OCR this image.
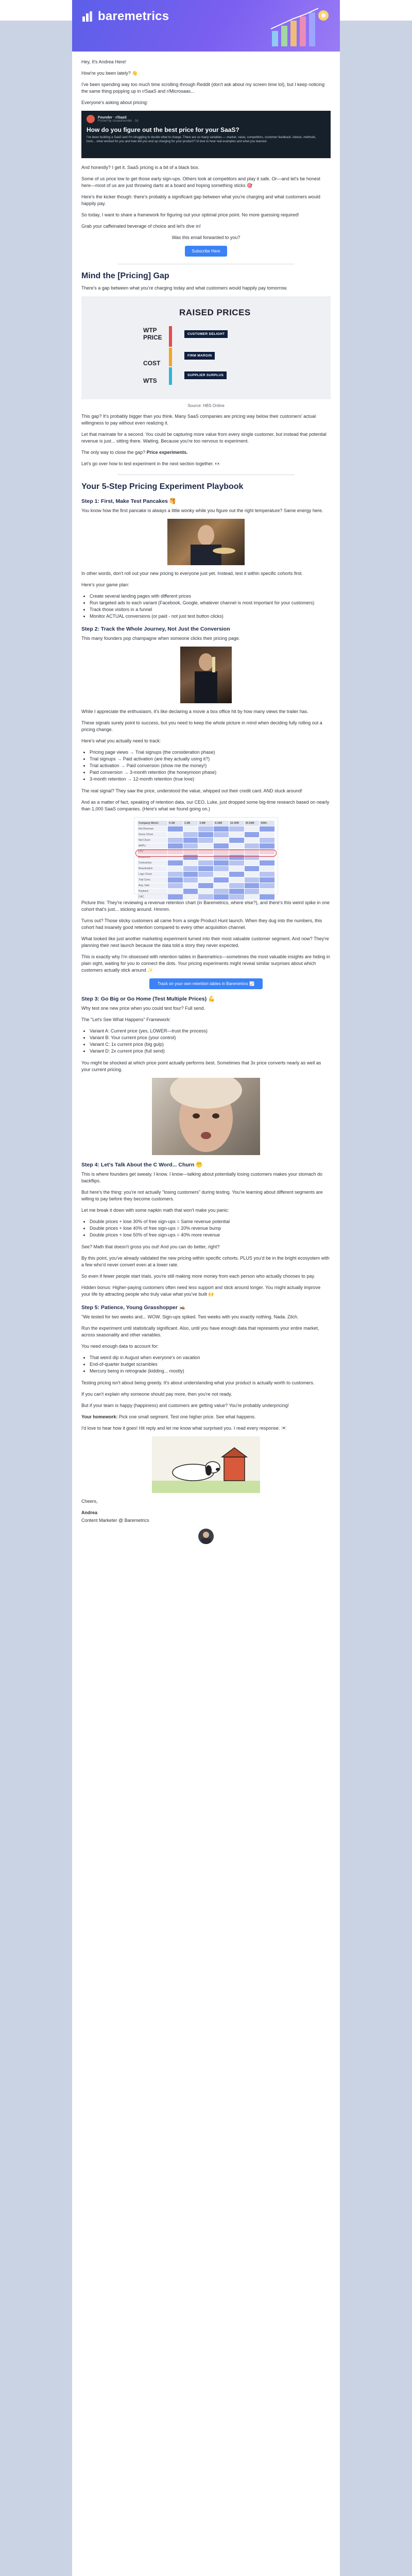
baremetrics

Hey, It's Andrea Here!

How're you been lately? 👋

I've been spending way too much time scrolling through Reddit (don't ask about my screen time lol), but I keep noticing the same thing popping up in r/SaaS and r/Microsaas...

Everyone's asking about pricing:

Founder · r/SaaS
Posted by u/saasfounder · 1d
How do you figure out the best price for your SaaS?
I've been building a SaaS and I'm struggling to decide what to charge. There are so many variables — market, value, competitors, customer feedback. Advice, methods, tools... what worked for you and how did you end up charging for your product? I'd love to hear real examples and what you learned.

And honestly? I get it. SaaS pricing is a bit of a black box.

Some of us price low to get those early sign-ups. Others look at competitors and play it safe. Or—and let's be honest here—most of us are just throwing darts at a board and hoping something sticks 🎯

Here's the kicker though: there's probably a significant gap between what you're charging and what customers would happily pay.

So today, I want to share a framework for figuring out your optimal price point. No more guessing required!

Grab your caffeinated beverage of choice and let's dive in!

Was this email forwarded to you?

Subscribe Here
Mind the [Pricing] Gap

There's a gap between what you're charging today and what customers would happily pay tomorrow.

RAISED PRICES
WTP
PRICE
COST
WTS
CUSTOMER DELIGHT
FIRM MARGIN
SUPPLIER SURPLUS
Source: HBS Online

This gap? It's probably bigger than you think. Many SaaS companies are pricing way below their customers' actual willingness to pay without even realizing it.

Let that marinate for a second. You could be capturing more value from every single customer, but instead that potential revenue is just... sitting there. Waiting. Because you're too nervous to experiment.

The only way to close the gap? Price experiments.

Let's go over how to test experiment in the next section together. 👀

Your 5-Step Pricing Experiment Playbook
Step 1: First, Make Test Pancakes 🥞

You know how the first pancake is always a little wonky while you figure out the right temperature? Same energy here.

In other words, don't roll out your new pricing to everyone just yet. Instead, test it within specific cohorts first.

Here's your game plan:

• Create several landing pages with different prices
• Run targeted ads to each variant (Facebook, Google, whatever channel is most important for your customers)
• Track those visitors in a funnel
• Monitor ACTUAL conversions (or paid - not just test button clicks)
Step 2: Track the Whole Journey, Not Just the Conversion

This many founders pop champagne when someone clicks their pricing page.

While I appreciate the enthusiasm, it's like declaring a movie a box office hit by how many views the trailer has.

These signals surely point to success, but you need to keep the whole picture in mind when deciding fully rolling out a pricing change.

Here's what you actually need to track:

• Pricing page views → Trial signups (the consideration phase)
• Trial signups → Paid activation (are they actually using it?)
• Trial activation → Paid conversion (show me the money!)
• Paid conversion → 3-month retention (the honeymoon phase)
• 3-month retention → 12-month retention (true love)

The real signal? They saw the price, understood the value, whipped out their credit card. AND stuck around!

And as a matter of fact, speaking of retention data, our CEO, Luke, just dropped some big-time research based on nearly than 1,000 SaaS companies. (Here's what we found going on.)

Company Metric	0-1M	1-3M	3-8M	8-15M	15-30M	30-50M	50M+
Net Revenue
Gross Churn
Net Churn
ARPU
LTV
Expansion
Contraction
Reactivation
Logo Churn
Trial Conv.
Avg. Sale
Payback
CAC

Picture this: They're reviewing a revenue retention chart (in Baremetrics, where else?), and there's this weird spike in one cohort that's just... sticking around. Hmmm.

Turns out? Those sticky customers all came from a single Product Hunt launch. When they dug into the numbers, this cohort had insanely good retention compared to every other acquisition channel.

What looked like just another marketing experiment turned into their most valuable customer segment. And now? They're planning their next launch because the data told a story they never expected.

This is exactly why I'm obsessed with retention tables in Baremetrics—sometimes the most valuable insights are hiding in plain sight, waiting for you to connect the dots. Your pricing experiments might reveal similar surprises about which customers actually stick around ✨

Track on your own retention tables in Baremetrics 📈
Step 3: Go Big or Go Home (Test Multiple Prices) 💪

Why test one new price when you could test four? Full send.

The "Let's See What Happens" Framework:

• Variant A: Current price (yes, LOWER—trust the process)
• Variant B: Your current price (your control)
• Variant C: 1x current price (big gulp)
• Variant D: 2x current price (full send)

You might be shocked at which price point actually performs best. Sometimes that 3x price converts nearly as well as your current pricing.

Step 4: Let's Talk About the C Word... Churn 😬

This is where founders get sweaty. I know. I know—talking about potentially losing customers makes your stomach do backflips.

But here's the thing: you're not actually "losing customers" during testing. You're learning about different segments are willing to pay before they become customers.

Let me break it down with some napkin math that won't make you panic:

• Double prices + lose 30% of free sign-ups = Same revenue potential
• Double prices + lose 40% of free sign-ups = 20% revenue bump
• Double prices + lose 50% of free sign-ups = 40% more revenue

See? Math that doesn't gross you out! And you can do better, right?

By this point, you've already validated the new pricing within specific cohorts. PLUS you'd be in the bright ecosystem with a few who'd never convert even at a lower rate.

So even if fewer people start trials, you're still making more money from each person who actually chooses to pay.

Hidden bonus: Higher-paying customers often need less support and stick around longer. You might actually improve your life by attracting people who truly value what you've built 🙌

Step 5: Patience, Young Grasshopper 🦗

"We tested for two weeks and... WOW. Sign-ups spiked. Two weeks with you exactly nothing. Nada. Zilch.

Run the experiment until statistically significant. Also, until you have enough data that represents your entire market, across seasonality and other variables.

You need enough data to account for:

• That weird dip in August when everyone's on vacation
• End-of-quarter budget scrambles
• Mercury being in retrograde (kidding... mostly)

Testing pricing isn't about being greedy. It's about understanding what your product is actually worth to customers.

If you can't explain why someone should pay more, then you're not ready.

But if your team is happy (happiness) and customers are getting value? You're probably underpricing!

Your homework: Pick one small segment. Test one higher price. See what happens.

I'd love to hear how it goes! Hit reply and let me know what surprised you. I read every response. 💌

Cheers,

Andrea

Content Marketer @ Baremetrics
